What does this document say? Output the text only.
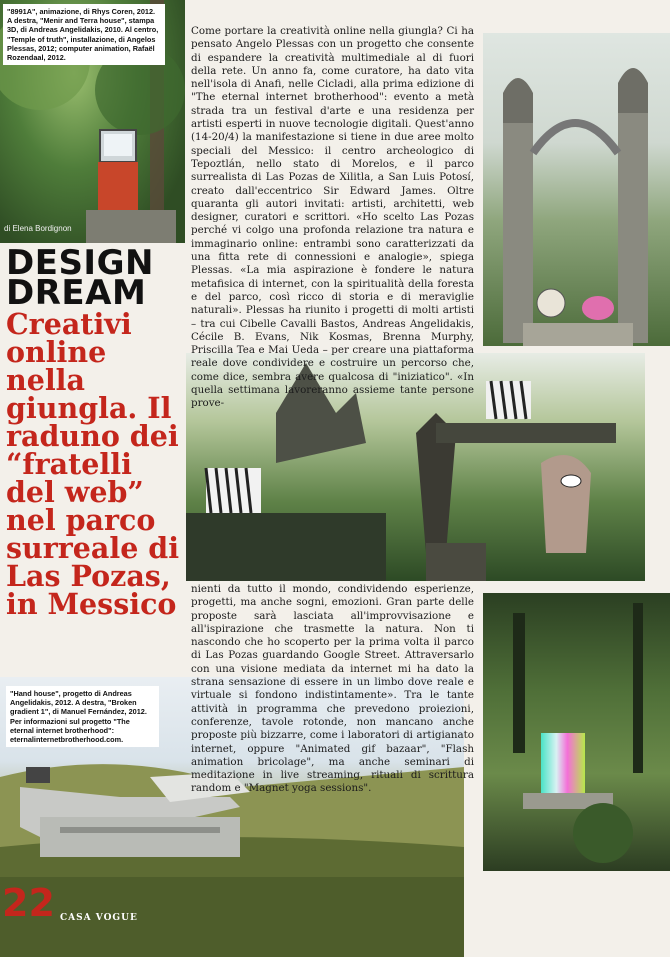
di Elena Bordignon
"8991A", animazione, di Rhys Coren, 2012. A destra, "Menir and Terra house", stampa 3D, di Andreas Angelidakis, 2010. Al centro, "Temple of truth", installazione, di Angelos Plessas, 2012; computer animation, Rafaël Rozendaal, 2012.
22 CASA VOGUE
"Hand house", progetto di Andreas Angelidakis, 2012. A destra, "Broken gradient 1", di Manuel Fernández, 2012. Per informazioni sul progetto "The eternal internet brotherhood": eternalinternetbrotherhood.com.
DESIGN DREAM
Creativi online nella giungla. Il raduno dei “fratelli del web” nel parco surreale di Las Pozas, in Messico
Come portare la creatività online nella giungla? Ci ha pensato Angelo Plessas con un progetto che consente di espandere la creatività multimediale al di fuori della rete. Un anno fa, come curatore, ha dato vita nell'isola di Anafi, nelle Cicladi, alla prima edizione di "The eternal internet brotherhood": evento a metà strada tra un festival d'arte e una residenza per artisti esperti in nuove tecnologie digitali. Quest'anno (14-20/4) la manifestazione si tiene in due aree molto speciali del Messico: il centro archeologico di Tepoztlán, nello stato di Morelos, e il parco surrealista di Las Pozas de Xilitla, a San Luis Potosí, creato dall'eccentrico Sir Edward James. Oltre quaranta gli autori invitati: artisti, architetti, web designer, curatori e scrittori. «Ho scelto Las Pozas perché vi colgo una profonda relazione tra natura e immaginario online: entrambi sono caratterizzati da una fitta rete di connessioni e analogie», spiega Plessas. «La mia aspirazione è fondere le natura metafisica di internet, con la spiritualità della foresta e del parco, così ricco di storia e di meraviglie naturali». Plessas ha riunito i progetti di molti artisti – tra cui Cibelle Cavalli Bastos, Andreas Angelidakis, Cécile B. Evans, Nik Kosmas, Brenna Murphy, Priscilla Tea e Mai Ueda – per creare una piattaforma reale dove condividere e costruire un percorso che, come dice, sembra avere qualcosa di "iniziatico". «In quella settimana lavoreranno assieme tante persone prove-
nienti da tutto il mondo, condividendo esperienze, progetti, ma anche sogni, emozioni. Gran parte delle proposte sarà lasciata all'improvvisazione e all'ispirazione che trasmette la natura. Non ti nascondo che ho scoperto per la prima volta il parco di Las Pozas guardando Google Street. Attraversarlo con una visione mediata da internet mi ha dato la strana sensazione di essere in un limbo dove reale e virtuale si fondono indistintamente». Tra le tante attività in programma che prevedono proiezioni, conferenze, tavole rotonde, non mancano anche proposte più bizzarre, come i laboratori di artigianato internet, oppure "Animated gif bazaar", "Flash animation bricolage", ma anche seminari di meditazione in live streaming, rituali di scrittura random e "Magnet yoga sessions".
